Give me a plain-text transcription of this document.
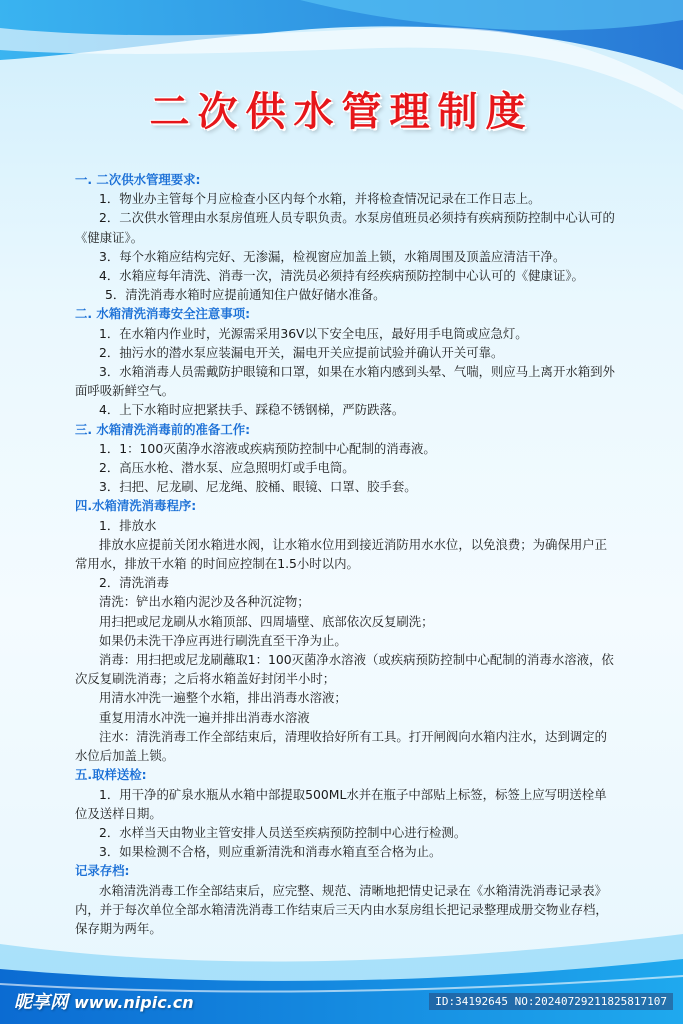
二次供水管理制度
一. 二次供水管理要求:
1．物业办主管每个月应检查小区内每个水箱，并将检查情况记录在工作日志上。
2．二次供水管理由水泵房值班人员专职负责。水泵房值班员必须持有疾病预防控制中心认可的《健康证》。
3．每个水箱应结构完好、无渗漏，检视窗应加盖上锁，水箱周围及顶盖应清洁干净。
4．水箱应每年清洗、消毒一次，清洗员必须持有经疾病预防控制中心认可的《健康证》。
5．清洗消毒水箱时应提前通知住户做好储水准备。
二. 水箱清洗消毒安全注意事项:
1．在水箱内作业时，光源需采用36V以下安全电压，最好用手电筒或应急灯。
2．抽污水的潜水泵应装漏电开关，漏电开关应提前试验并确认开关可靠。
3．水箱消毒人员需戴防护眼镜和口罩，如果在水箱内感到头晕、气喘，则应马上离开水箱到外面呼吸新鲜空气。
4．上下水箱时应把紧扶手、踩稳不锈钢梯，严防跌落。
三. 水箱清洗消毒前的准备工作:
1．1：100灭菌净水溶液或疾病预防控制中心配制的消毒液。
2．高压水枪、潜水泵、应急照明灯或手电筒。
3．扫把、尼龙刷、尼龙绳、胶桶、眼镜、口罩、胶手套。
四.水箱清洗消毒程序:
1．排放水
排放水应提前关闭水箱进水阀，让水箱水位用到接近消防用水水位，以免浪费；为确保用户正常用水，排放干水箱 的时间应控制在1.5小时以内。
2．清洗消毒
清洗：铲出水箱内泥沙及各种沉淀物；
用扫把或尼龙刷从水箱顶部、四周墙壁、底部依次反复刷洗；
如果仍未洗干净应再进行刷洗直至干净为止。
消毒：用扫把或尼龙刷蘸取1：100灭菌净水溶液（或疾病预防控制中心配制的消毒水溶液，依次反复刷洗消毒；之后将水箱盖好封闭半小时；
用清水冲洗一遍整个水箱，排出消毒水溶液；
重复用清水冲洗一遍并排出消毒水溶液
注水：清洗消毒工作全部结束后，清理收拾好所有工具。打开闸阀向水箱内注水，达到调定的水位后加盖上锁。
五.取样送检:
1．用干净的矿泉水瓶从水箱中部提取500ML水并在瓶子中部贴上标签，标签上应写明送栓单位及送样日期。
2．水样当天由物业主管安排人员送至疾病预防控制中心进行检测。
3．如果检测不合格，则应重新清洗和消毒水箱直至合格为止。
记录存档:
水箱清洗消毒工作全部结束后，应完整、规范、清晰地把情史记录在《水箱清洗消毒记录表》内，并于每次单位全部水箱清洗消毒工作结束后三天内由水泵房组长把记录整理成册交物业存档，保存期为两年。
昵享网 www.nipic.cn	ID:34192645 NO:20240729211825817107
